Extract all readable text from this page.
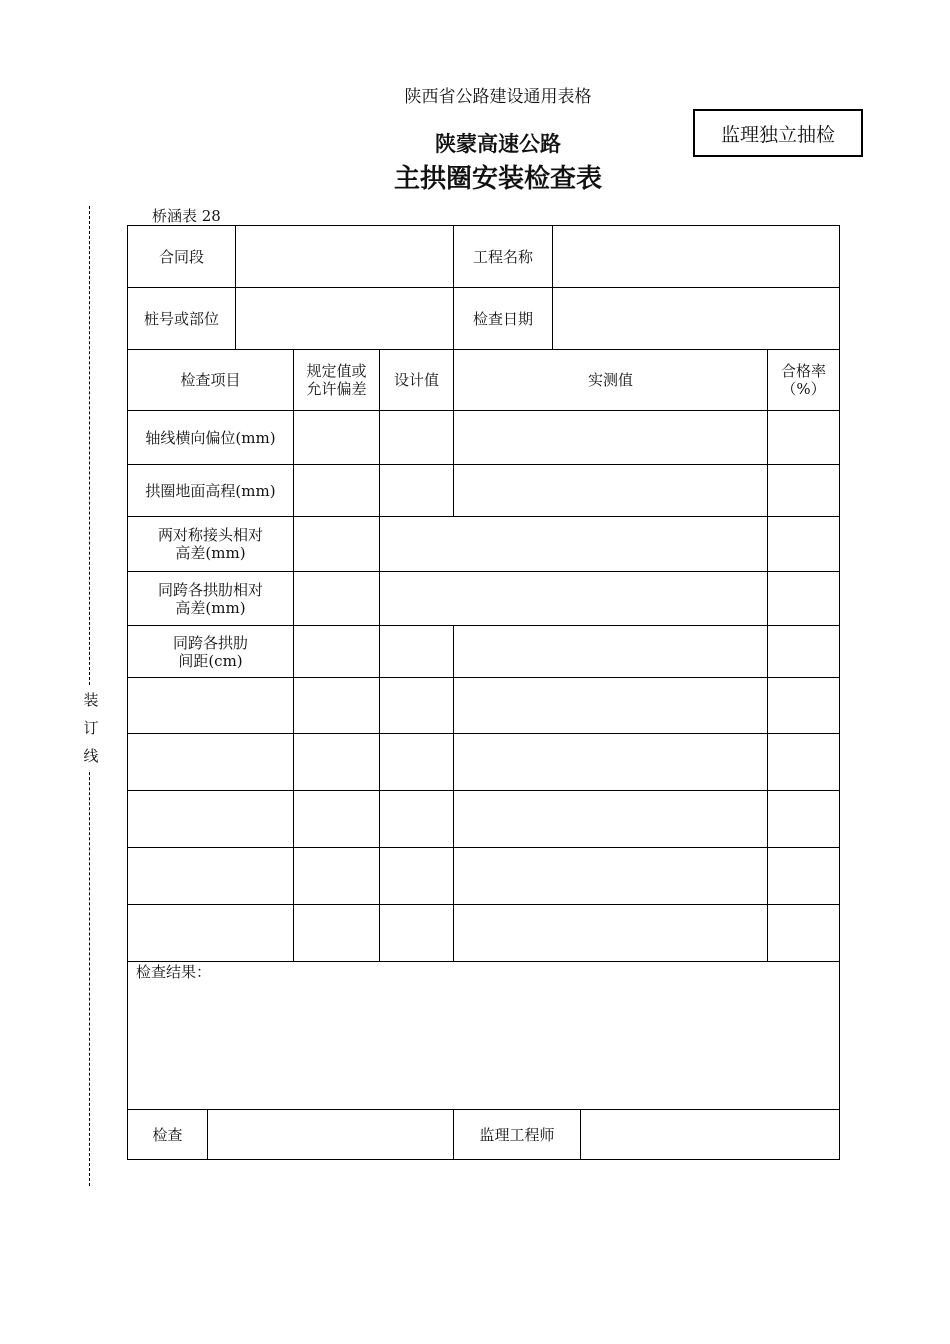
陕西省公路建设通用表格
陕蒙高速公路
主拱圈安装检查表
监理独立抽检
装订线
桥涵表 28
合同段	工程名称
桩号或部位	检查日期
检查项目	规定值或允许偏差	设计值	实测值	合格率（%）
轴线横向偏位(mm)
拱圈地面高程(mm)
两对称接头相对高差(mm)
同跨各拱肋相对高差(mm)
同跨各拱肋间距(cm)
检查结果：
检查	监理工程师
